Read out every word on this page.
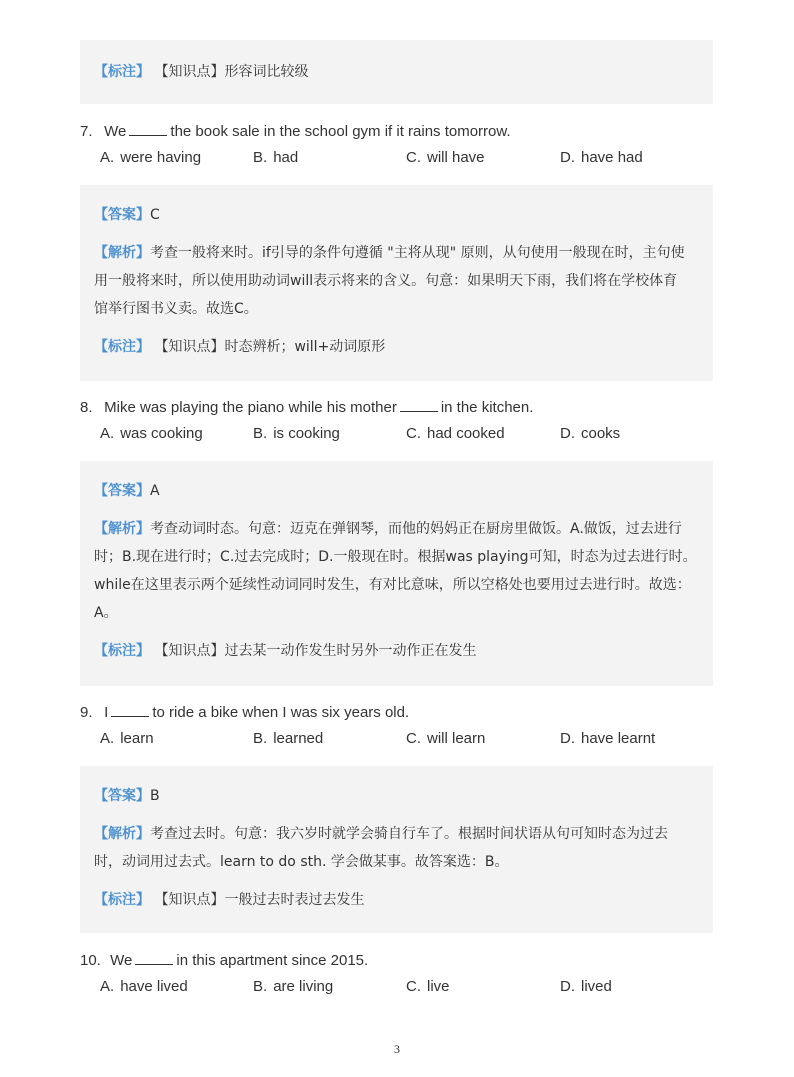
【标注】 【知识点】形容词比较级

7. We	the book sale in the school gym if it rains tomorrow.
A. were having	B. had	C. will have	D. have had

【答案】C

【解析】考查一般将来时。if引导的条件句遵循 "主将从现" 原则，从句使用一般现在时，主句使
用一般将来时，所以使用助动词will表示将来的含义。句意：如果明天下雨，我们将在学校体育
馆举行图书义卖。故选C。

【标注】 【知识点】时态辨析；will+动词原形

8. Mike was playing the piano while his mother	in the kitchen.
A. was cooking	B. is cooking	C. had cooked	D. cooks

【答案】A

【解析】考查动词时态。句意：迈克在弹钢琴，而他的妈妈正在厨房里做饭。A.做饭，过去进行
时；B.现在进行时；C.过去完成时；D.一般现在时。根据was playing可知，时态为过去进行时。
while在这里表示两个延续性动词同时发生，有对比意味，所以空格处也要用过去进行时。故选：
A。

【标注】 【知识点】过去某一动作发生时另外一动作正在发生

9. I	to ride a bike when I was six years old.
A. learn	B. learned	C. will learn	D. have learnt

【答案】B

【解析】考查过去时。句意：我六岁时就学会骑自行车了。根据时间状语从句可知时态为过去
时，动词用过去式。learn to do sth. 学会做某事。故答案选：B。

【标注】 【知识点】一般过去时表过去发生

10. We	in this apartment since 2015.
A. have lived	B. are living	C. live	D. lived
3
